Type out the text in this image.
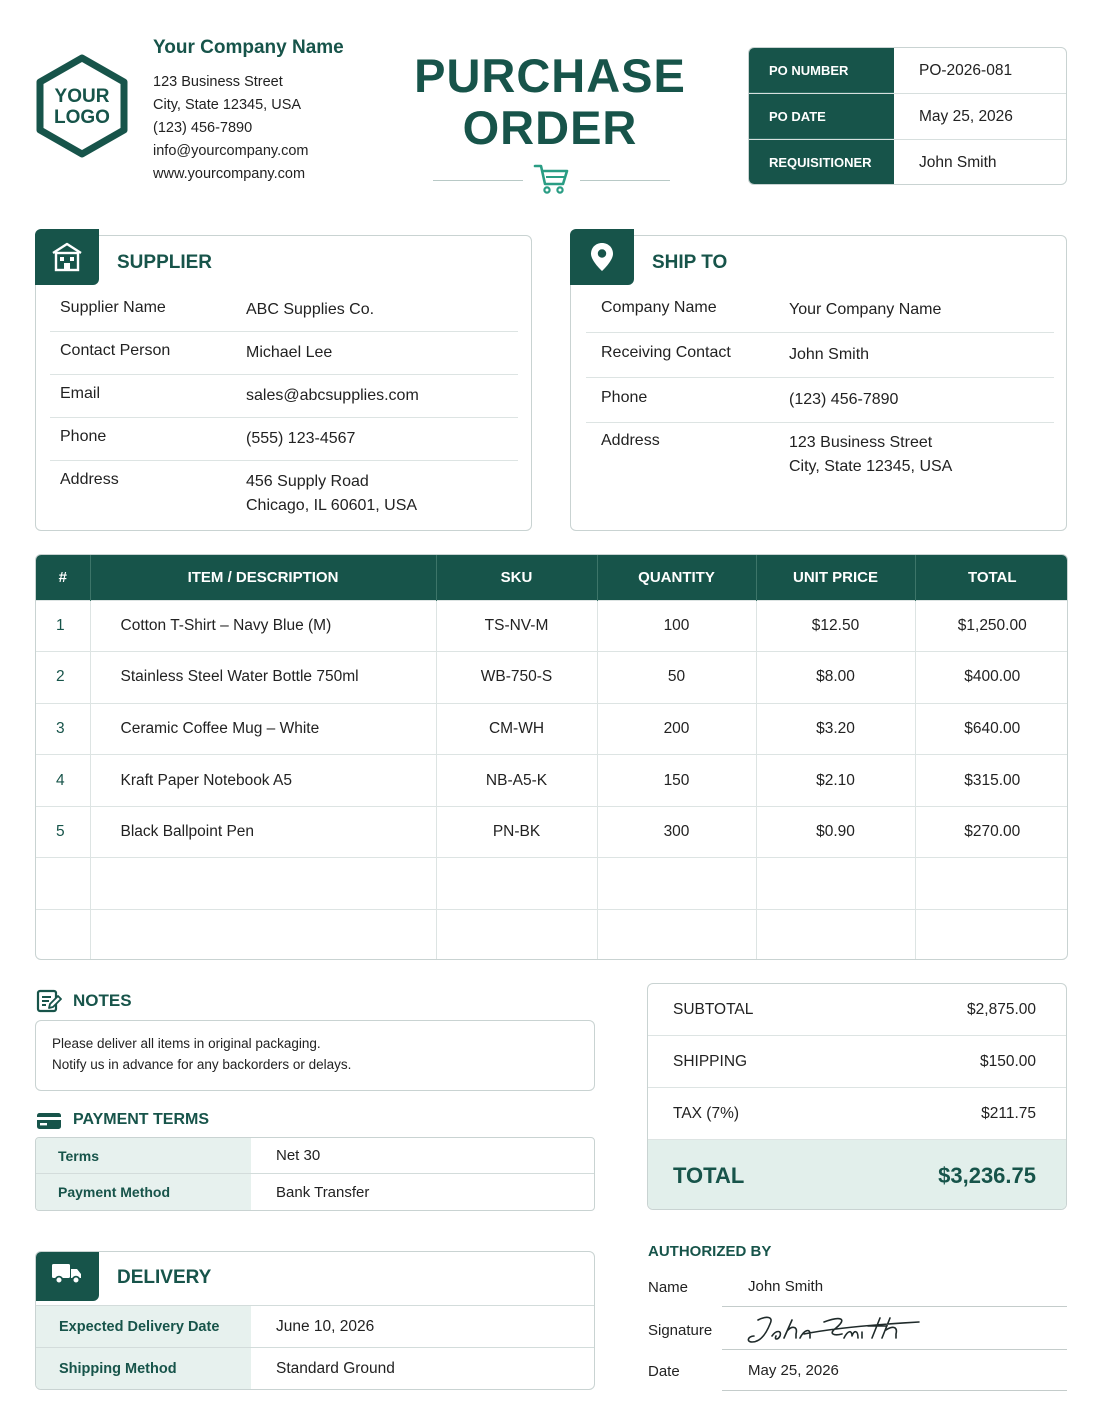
YOUR
LOGO
Your Company Name
123 Business Street
City, State 12345, USA
(123) 456-7890
info@yourcompany.com
www.yourcompany.com
PURCHASE
ORDER
PO NUMBER	PO-2026-081
PO DATE	May 25, 2026
REQUISITIONER	John Smith
SUPPLIER
Supplier Name	ABC Supplies Co.
Contact Person	Michael Lee
Email	sales@abcsupplies.com
Phone	(555) 123-4567
Address	456 Supply Road
Chicago, IL 60601, USA
SHIP TO
Company Name	Your Company Name
Receiving Contact	John Smith
Phone	(123) 456-7890
Address	123 Business Street
City, State 12345, USA
#	ITEM / DESCRIPTION	SKU	QUANTITY	UNIT PRICE	TOTAL
1	Cotton T-Shirt – Navy Blue (M)	TS-NV-M	100	$12.50	$1,250.00
2	Stainless Steel Water Bottle 750ml	WB-750-S	50	$8.00	$400.00
3	Ceramic Coffee Mug – White	CM-WH	200	$3.20	$640.00
4	Kraft Paper Notebook A5	NB-A5-K	150	$2.10	$315.00
5	Black Ballpoint Pen	PN-BK	300	$0.90	$270.00

NOTES
Please deliver all items in original packaging.
Notify us in advance for any backorders or delays.
PAYMENT TERMS
Terms	Net 30
Payment Method	Bank Transfer
DELIVERY
Expected Delivery Date	June 10, 2026
Shipping Method	Standard Ground
SUBTOTAL	$2,875.00
SHIPPING	$150.00
TAX (7%)	$211.75
TOTAL	$3,236.75
AUTHORIZED BY
Name	John Smith
Signature
Date	May 25, 2026
